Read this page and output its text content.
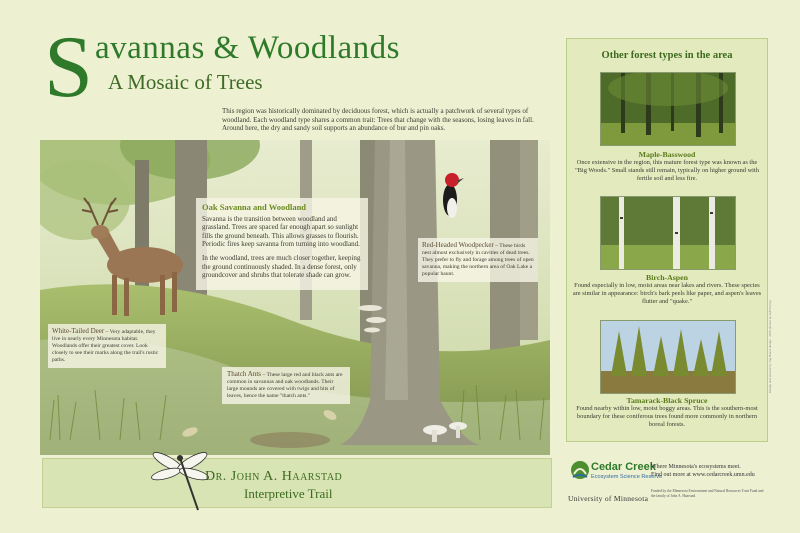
S avannas & Woodlands
A Mosaic of Trees
This region was historically dominated by deciduous forest, which is actually a patchwork of several types of woodland. Each woodland type shares a common trait: Trees that change with the seasons, losing leaves in fall. Around here, the dry and sandy soil supports an abundance of bur and pin oaks.
Oak Savanna and Woodland

Savanna is the transition between woodland and grassland. Trees are spaced far enough apart so sunlight fills the ground beneath. This allows grasses to flourish. Periodic fires keep savanna from turning into woodland.

In the woodland, trees are much closer together, keeping the ground continuously shaded. In a dense forest, only groundcover and shrubs that tolerate shade can grow.

Red-Headed Woodpecker – These birds nest almost exclusively in cavities of dead trees. They prefer to fly and forage among trees of open savanna, making the northern area of Oak Lake a popular haunt.
White-Tailed Deer – Very adaptable, they live in nearly every Minnesota habitat. Woodlands offer their greatest cover. Look closely to see their marks along the trail's rustic paths.
Thatch Ants – These large red and black ants are common in savannas and oak woodlands. Their large mounds are covered with twigs and bits of leaves, hence the name "thatch ants."
Dr. John A. Haarstad
Interpretive Trail
Cedar Creek
Ecosystem Science Reserve
University of Minnesota
Where Minnesota's ecosystems meet.
Find out more at www.cedarcreek.umn.edu
Funded by the Minnesota Environment and Natural Resources Trust Fund and the family of John A. Haarstad.
Other forest types in the area
Maple-Basswood
Once extensive in the region, this mature forest type was known as the "Big Woods." Small stands still remain, typically on higher ground with fertile soil and less fire.
Birch-Aspen
Found especially in low, moist areas near lakes and rivers. These species are similar in appearance: birch's bark peels like paper, and aspen's leaves flutter and "quake."
Tamarack-Black Spruce
Found nearby within low, moist boggy areas. This is the southern-most boundary for these coniferous trees found more commonly in northern boreal forests.
Design and artwork by Tog Board design · 2015 photos by Jeff Corney
